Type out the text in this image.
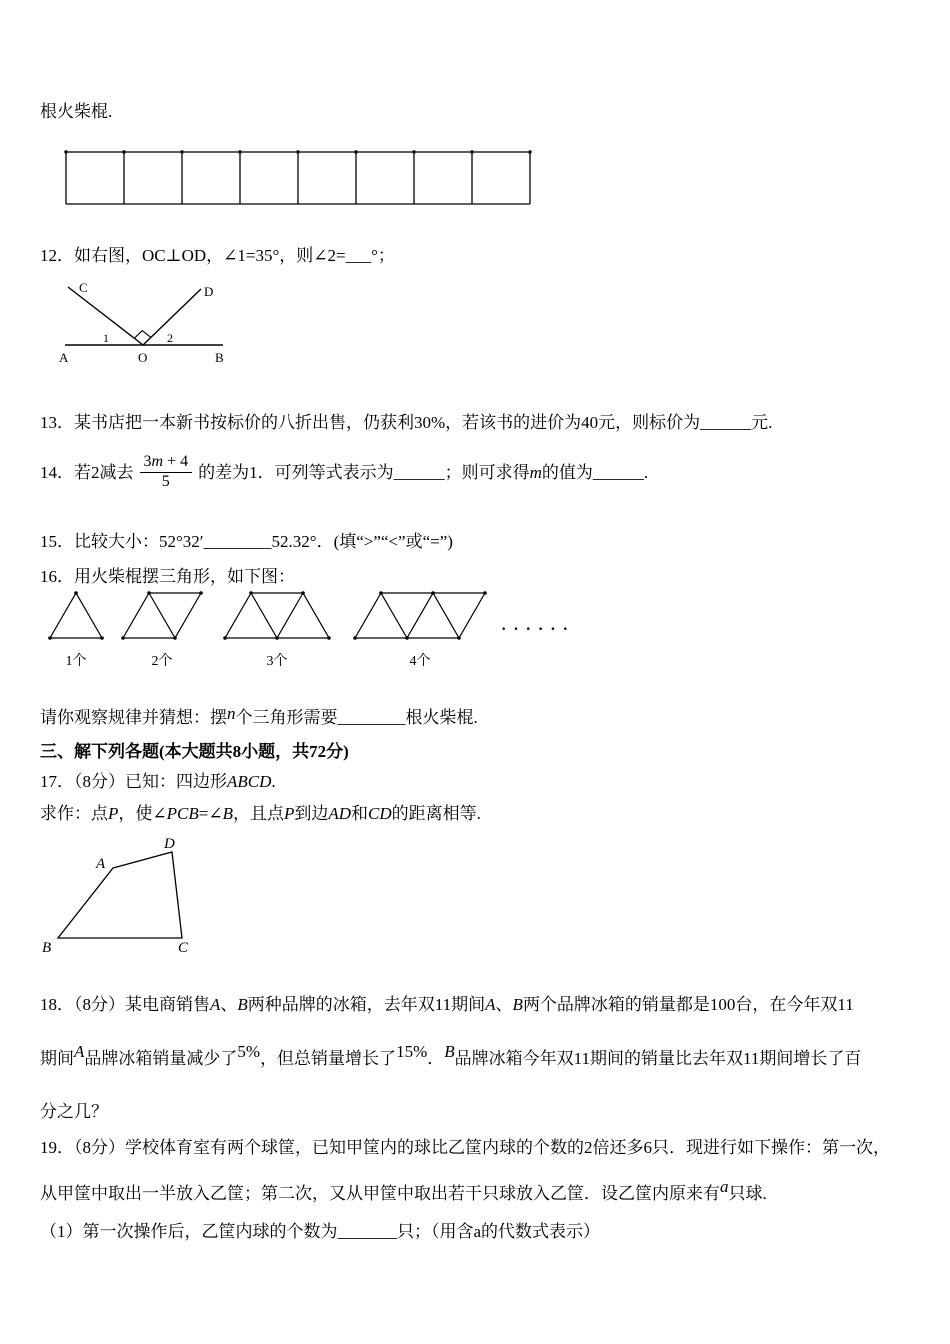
根火柴棍.
12．如右图，OC⊥OD，∠1=35°，则∠2=___°；
C	D
A	O	B
1	2
13．某书店把一本新书按标价的八折出售，仍获利30%，若该书的进价为40元，则标价为______元.
14．若2减去 $\frac{3m + 4}{5}$ 的差为1．可列等式表示为______；则可求得m的值为______.
15．比较大小：52°32′________52.32°．(填“>”“<”或“=”)
16．用火柴棍摆三角形，如下图：
······
1个	2个	3个	4个
请你观察规律并猜想：摆n个三角形需要________根火柴棍.
三、解下列各题(本大题共8小题，共72分)
17．（8分）已知：四边形ABCD.
求作：点P，使∠PCB=∠B，且点P到边AD和CD的距离相等.
A
D
B	C
18．（8分）某电商销售A、B两种品牌的冰箱，去年双11期间A、B两个品牌冰箱的销量都是100台，在今年双11
期间A品牌冰箱销量减少了5%，但总销量增长了15%．B品牌冰箱今年双11期间的销量比去年双11期间增长了百
分之几？
19．（8分）学校体育室有两个球筐，已知甲筐内的球比乙筐内球的个数的2倍还多6只．现进行如下操作：第一次，
从甲筐中取出一半放入乙筐；第二次，又从甲筐中取出若干只球放入乙筐．设乙筐内原来有a只球.
（1）第一次操作后，乙筐内球的个数为_______只；（用含a的代数式表示）
